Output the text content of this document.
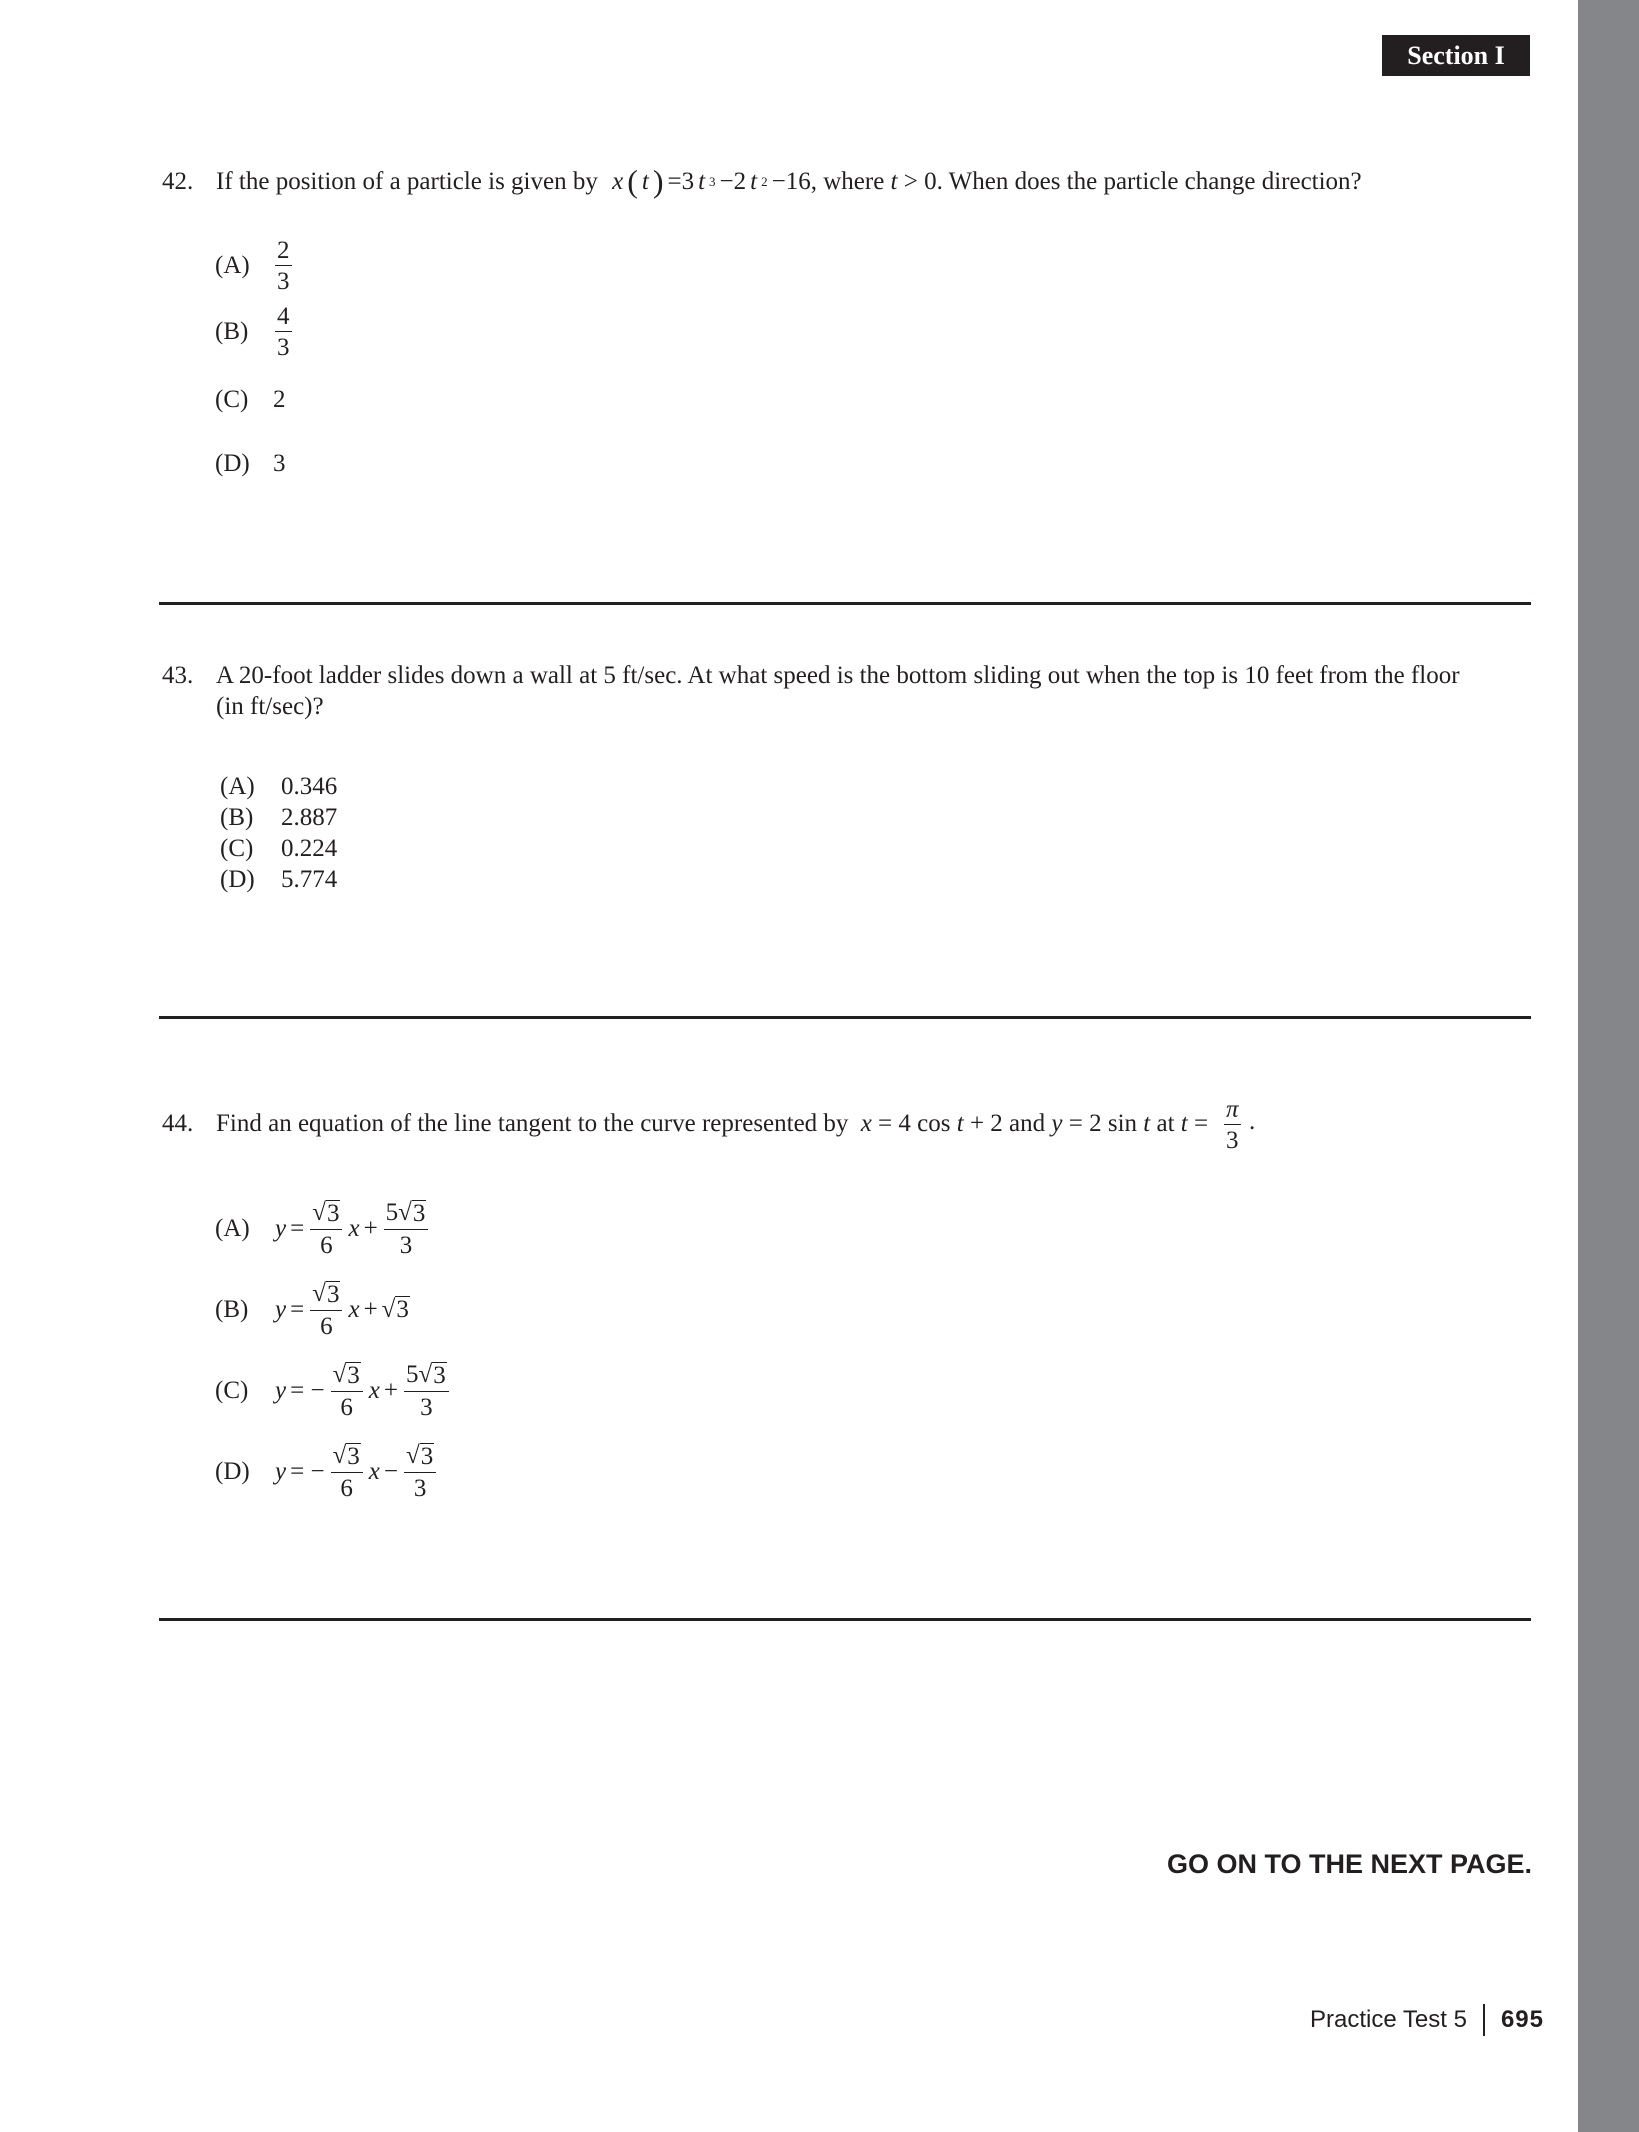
Section I
42. If the position of a particle is given by x ( t ) =3 t 3 −2 t 2 −16, where t > 0. When does the particle change direction?
(A)	$\frac{2}{3}$
(B)	$\frac{4}{3}$
(C) 2
(D) 3
43. A 20-foot ladder slides down a wall at 5 ft/sec. At what speed is the bottom sliding out when the top is 10 feet from the floor
(in ft/sec)?
(A) 0.346
(B) 2.887
(C) 0.224
(D) 5.774
44. Find an equation of the line tangent to the curve represented by x = 4 cos t + 2 and y = 2 sin t at $t = \frac{\pi}{3}$ .
(A)	$y = \frac{√ 3}{6}$ $x + \frac{5 √ 3}{3}$
(B)	$y = \frac{√ 3}{6}$ x + √ 3
(C)	y = − $\frac{√ 3}{6}$ $x + \frac{5 √ 3}{3}$
(D)	y = − $\frac{√ 3}{6}$ $x - \frac{√ 3}{3}$
GO ON TO THE NEXT PAGE.
Practice Test 5 695
